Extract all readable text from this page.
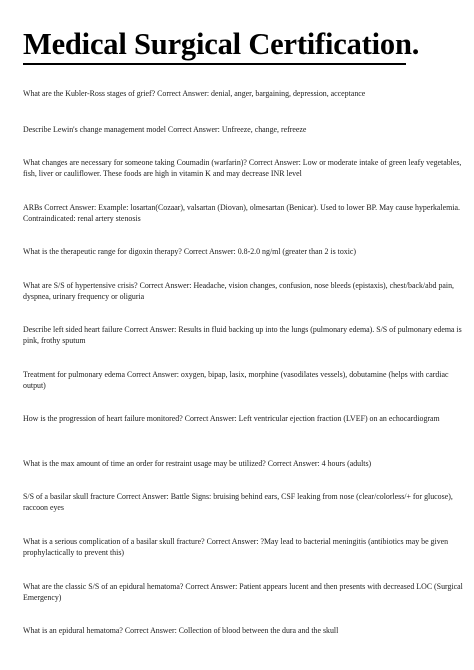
Medical Surgical Certification.

What are the Kubler-Ross stages of grief? Correct Answer: denial, anger, bargaining, depression, acceptance

Describe Lewin's change management model Correct Answer: Unfreeze, change, refreeze

What changes are necessary for someone taking Coumadin (warfarin)? Correct Answer: Low or moderate intake of green leafy vegetables, fish, liver or cauliflower. These foods are high in vitamin K and may decrease INR level

ARBs Correct Answer: Example: losartan(Cozaar), valsartan (Diovan), olmesartan (Benicar). Used to lower BP. May cause hyperkalemia. Contraindicated: renal artery stenosis

What is the therapeutic range for digoxin therapy? Correct Answer: 0.8-2.0 ng/ml (greater than 2 is toxic)

What are S/S of hypertensive crisis? Correct Answer: Headache, vision changes, confusion, nose bleeds (epistaxis), chest/back/abd pain, dyspnea, urinary frequency or oliguria

Describe left sided heart failure Correct Answer: Results in fluid backing up into the lungs (pulmonary edema). S/S of pulmonary edema is pink, frothy sputum

Treatment for pulmonary edema Correct Answer: oxygen, bipap, lasix, morphine (vasodilates vessels), dobutamine (helps with cardiac output)

How is the progression of heart failure monitored? Correct Answer: Left ventricular ejection fraction (LVEF) on an echocardiogram

What is the max amount of time an order for restraint usage may be utilized? Correct Answer: 4 hours (adults)

S/S of a basilar skull fracture Correct Answer: Battle Signs: bruising behind ears, CSF leaking from nose (clear/colorless/+ for glucose), raccoon eyes

What is a serious complication of a basilar skull fracture? Correct Answer: ?May lead to bacterial meningitis (antibiotics may be given prophylactically to prevent this)

What are the classic S/S of an epidural hematoma? Correct Answer: Patient appears lucent and then presents with decreased LOC (Surgical Emergency)

What is an epidural hematoma? Correct Answer: Collection of blood between the dura and the skull
